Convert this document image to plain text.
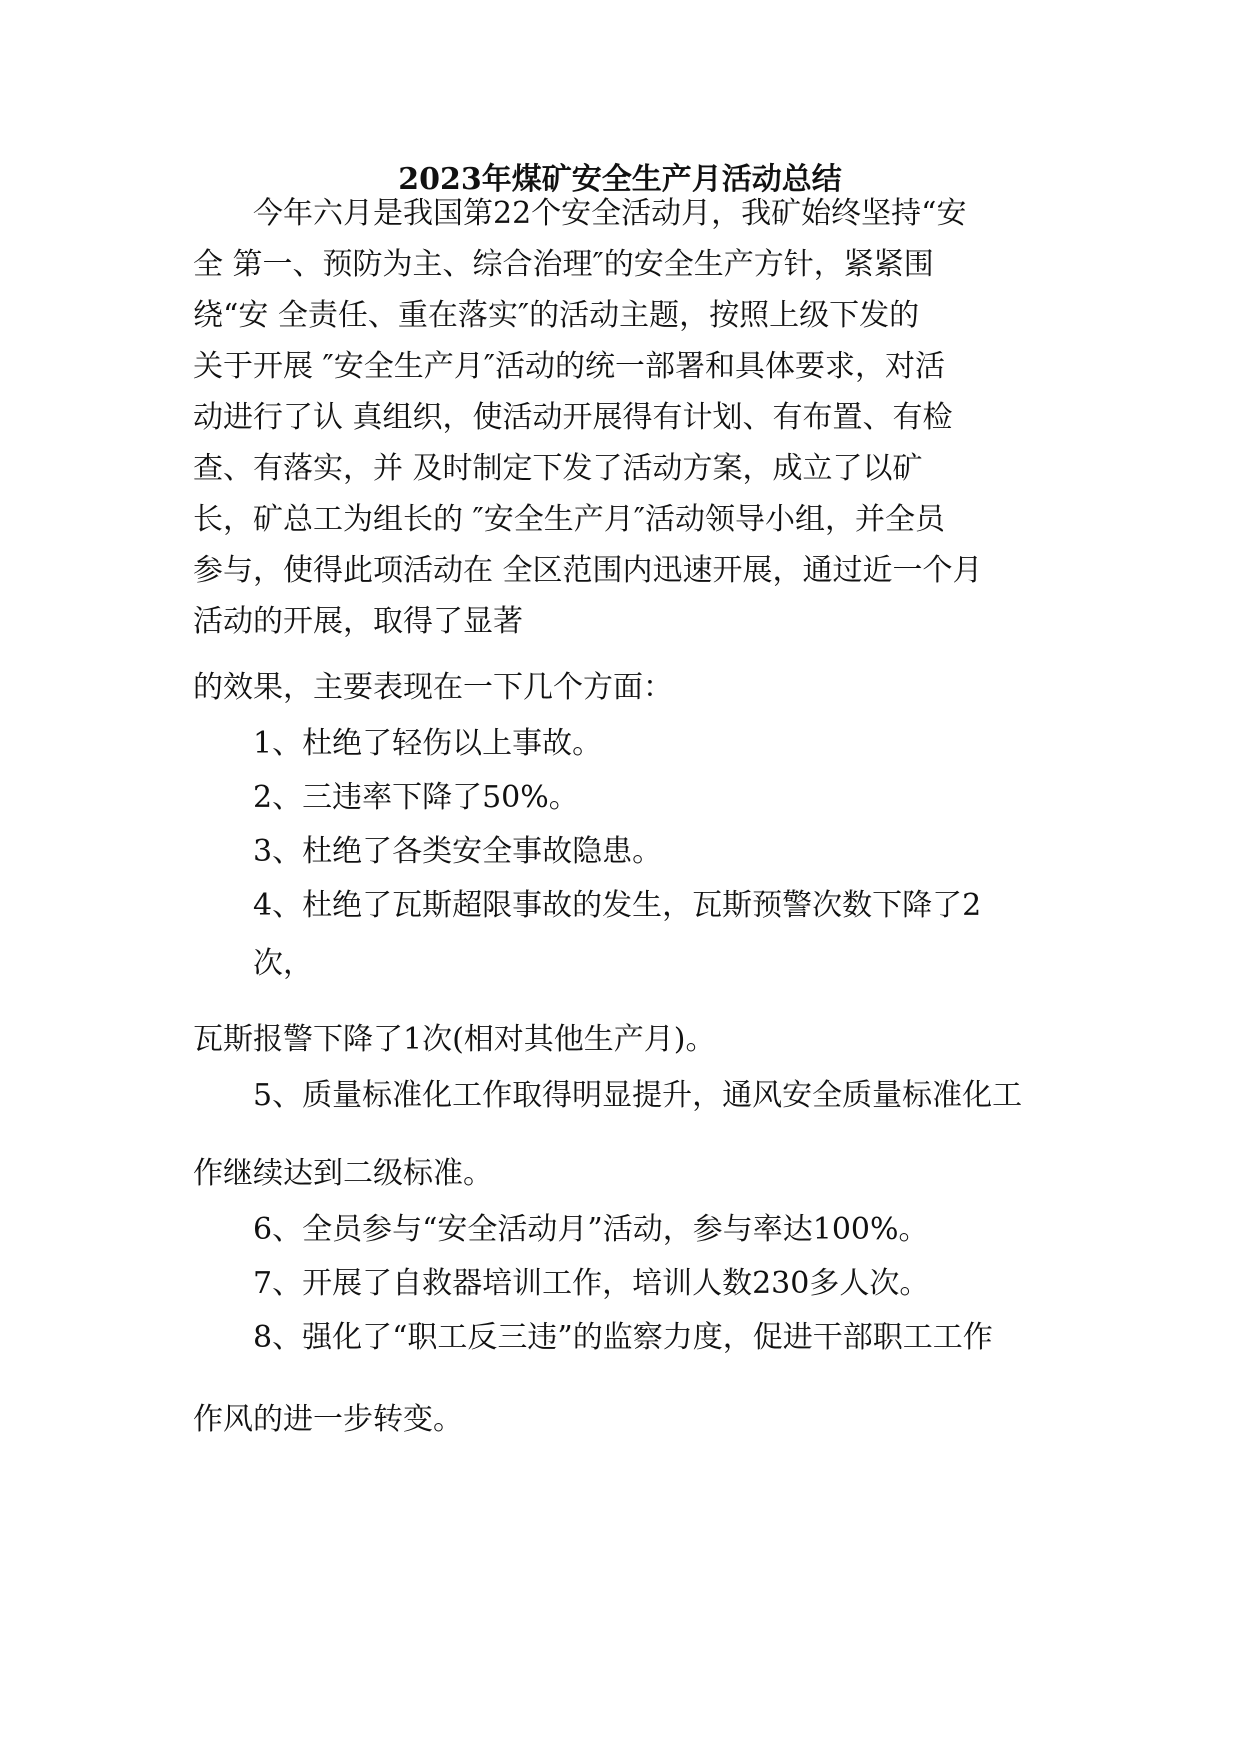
2023年煤矿安全生产月活动总结
今年六月是我国第22个安全活动月，我矿始终坚持“安
全 第一、预防为主、综合治理″的安全生产方针，紧紧围
绕“安 全责任、重在落实″的活动主题，按照上级下发的
关于开展 ″安全生产月″活动的统一部署和具体要求，对活
动进行了认 真组织，使活动开展得有计划、有布置、有检
查、有落实，并 及时制定下发了活动方案，成立了以矿
长，矿总工为组长的 ″安全生产月″活动领导小组，并全员
参与，使得此项活动在 全区范围内迅速开展，通过近一个月
活动的开展，取得了显著
的效果，主要表现在一下几个方面：
1、杜绝了轻伤以上事故。
2、三违率下降了50%。
3、杜绝了各类安全事故隐患。
4、杜绝了瓦斯超限事故的发生，瓦斯预警次数下降了2
次，
瓦斯报警下降了1次(相对其他生产月)。
5、质量标准化工作取得明显提升，通风安全质量标准化工
作继续达到二级标准。
6、全员参与“安全活动月”活动，参与率达100%。
7、开展了自救器培训工作，培训人数230多人次。
8、强化了“职工反三违”的监察力度，促进干部职工工作
作风的进一步转变。
